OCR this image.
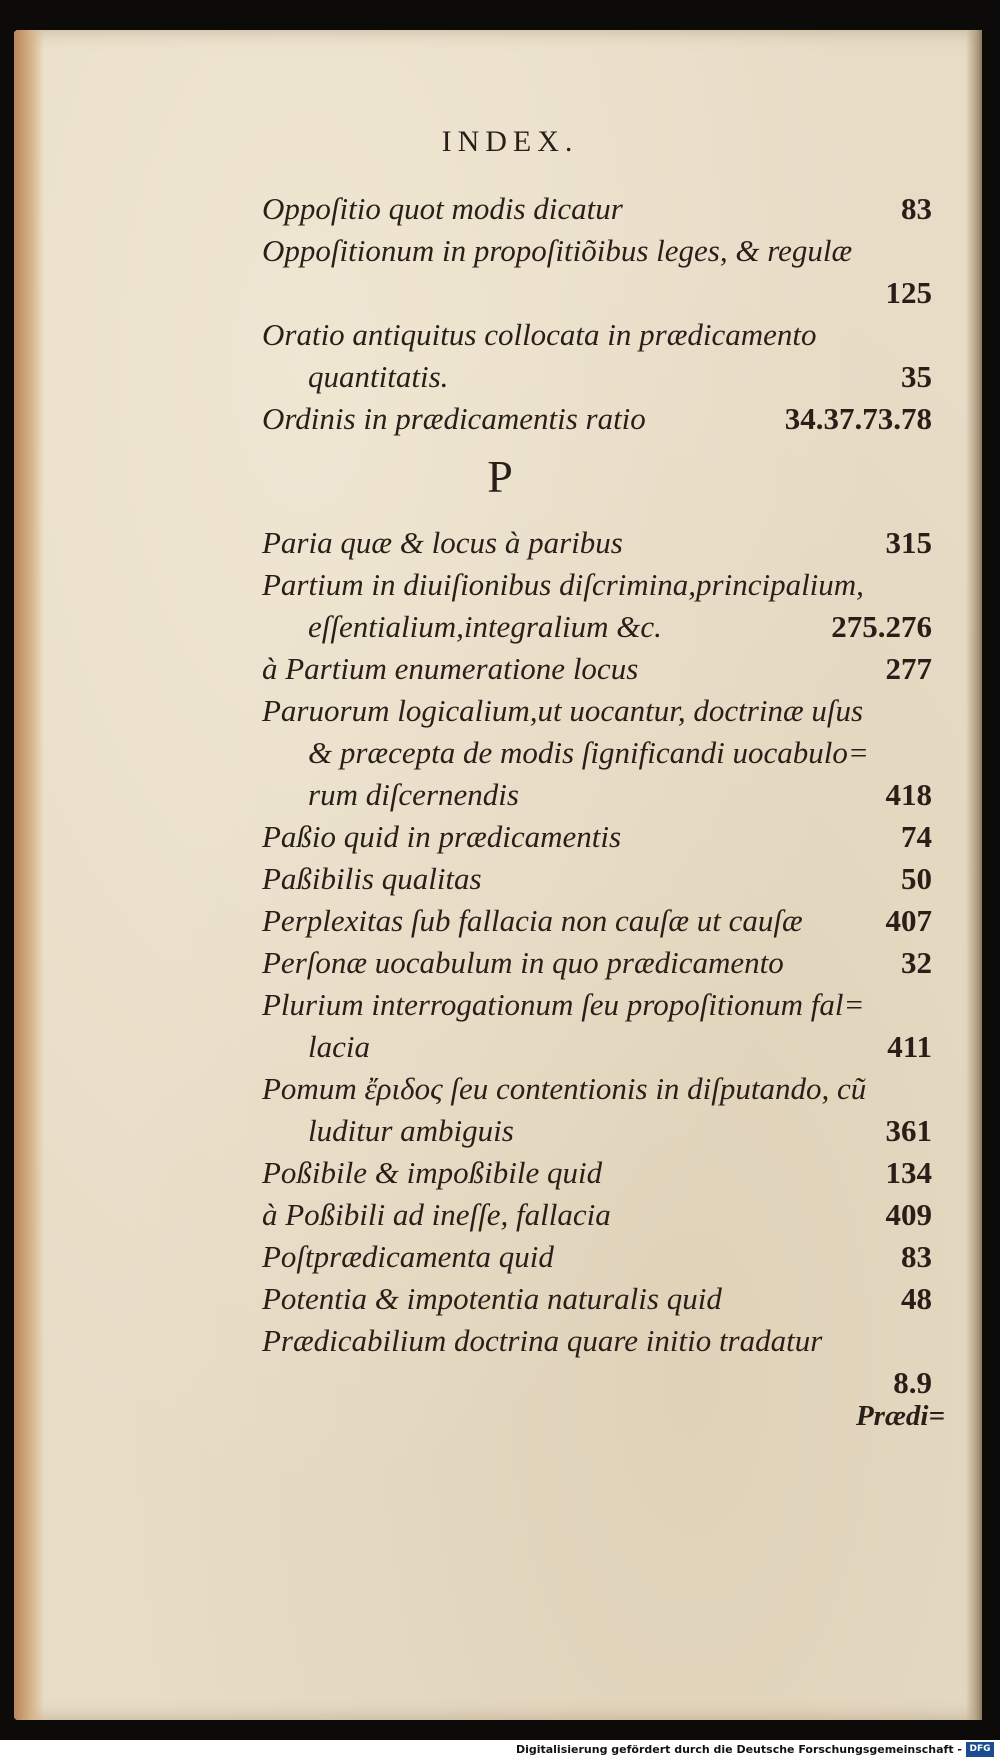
INDEX.
Oppoſitio quot modis dicatur	83
Oppoſitionum in propoſitiõibus leges, & regulæ
125
Oratio antiquitus collocata in prædicamento
quantitatis.	35
Ordinis in prædicamentis ratio	34.37.73.78
P
Paria quæ & locus à paribus	315
Partium in diuiſionibus diſcrimina,principalium,
eſſentialium,integralium &c.	275.276
à Partium enumeratione locus	277
Paruorum logicalium,ut uocantur, doctrinæ uſus
& præcepta de modis ſignificandi uocabulo=
rum diſcernendis	418
Paßio quid in prædicamentis	74
Paßibilis qualitas	50
Perplexitas ſub fallacia non cauſæ ut cauſæ	407
Perſonæ uocabulum in quo prædicamento	32
Plurium interrogationum ſeu propoſitionum fal=
lacia	411
Pomum ἔριδος ſeu contentionis in diſputando, cũ
luditur ambiguis	361
Poßibile & impoßibile quid	134
à Poßibili ad ineſſe, fallacia	409
Poſtprædicamenta quid	83
Potentia & impotentia naturalis quid	48
Prædicabilium doctrina quare initio tradatur
8.9
Prædi=
Digitalisierung gefördert durch die Deutsche Forschungsgemeinschaft - DFG
